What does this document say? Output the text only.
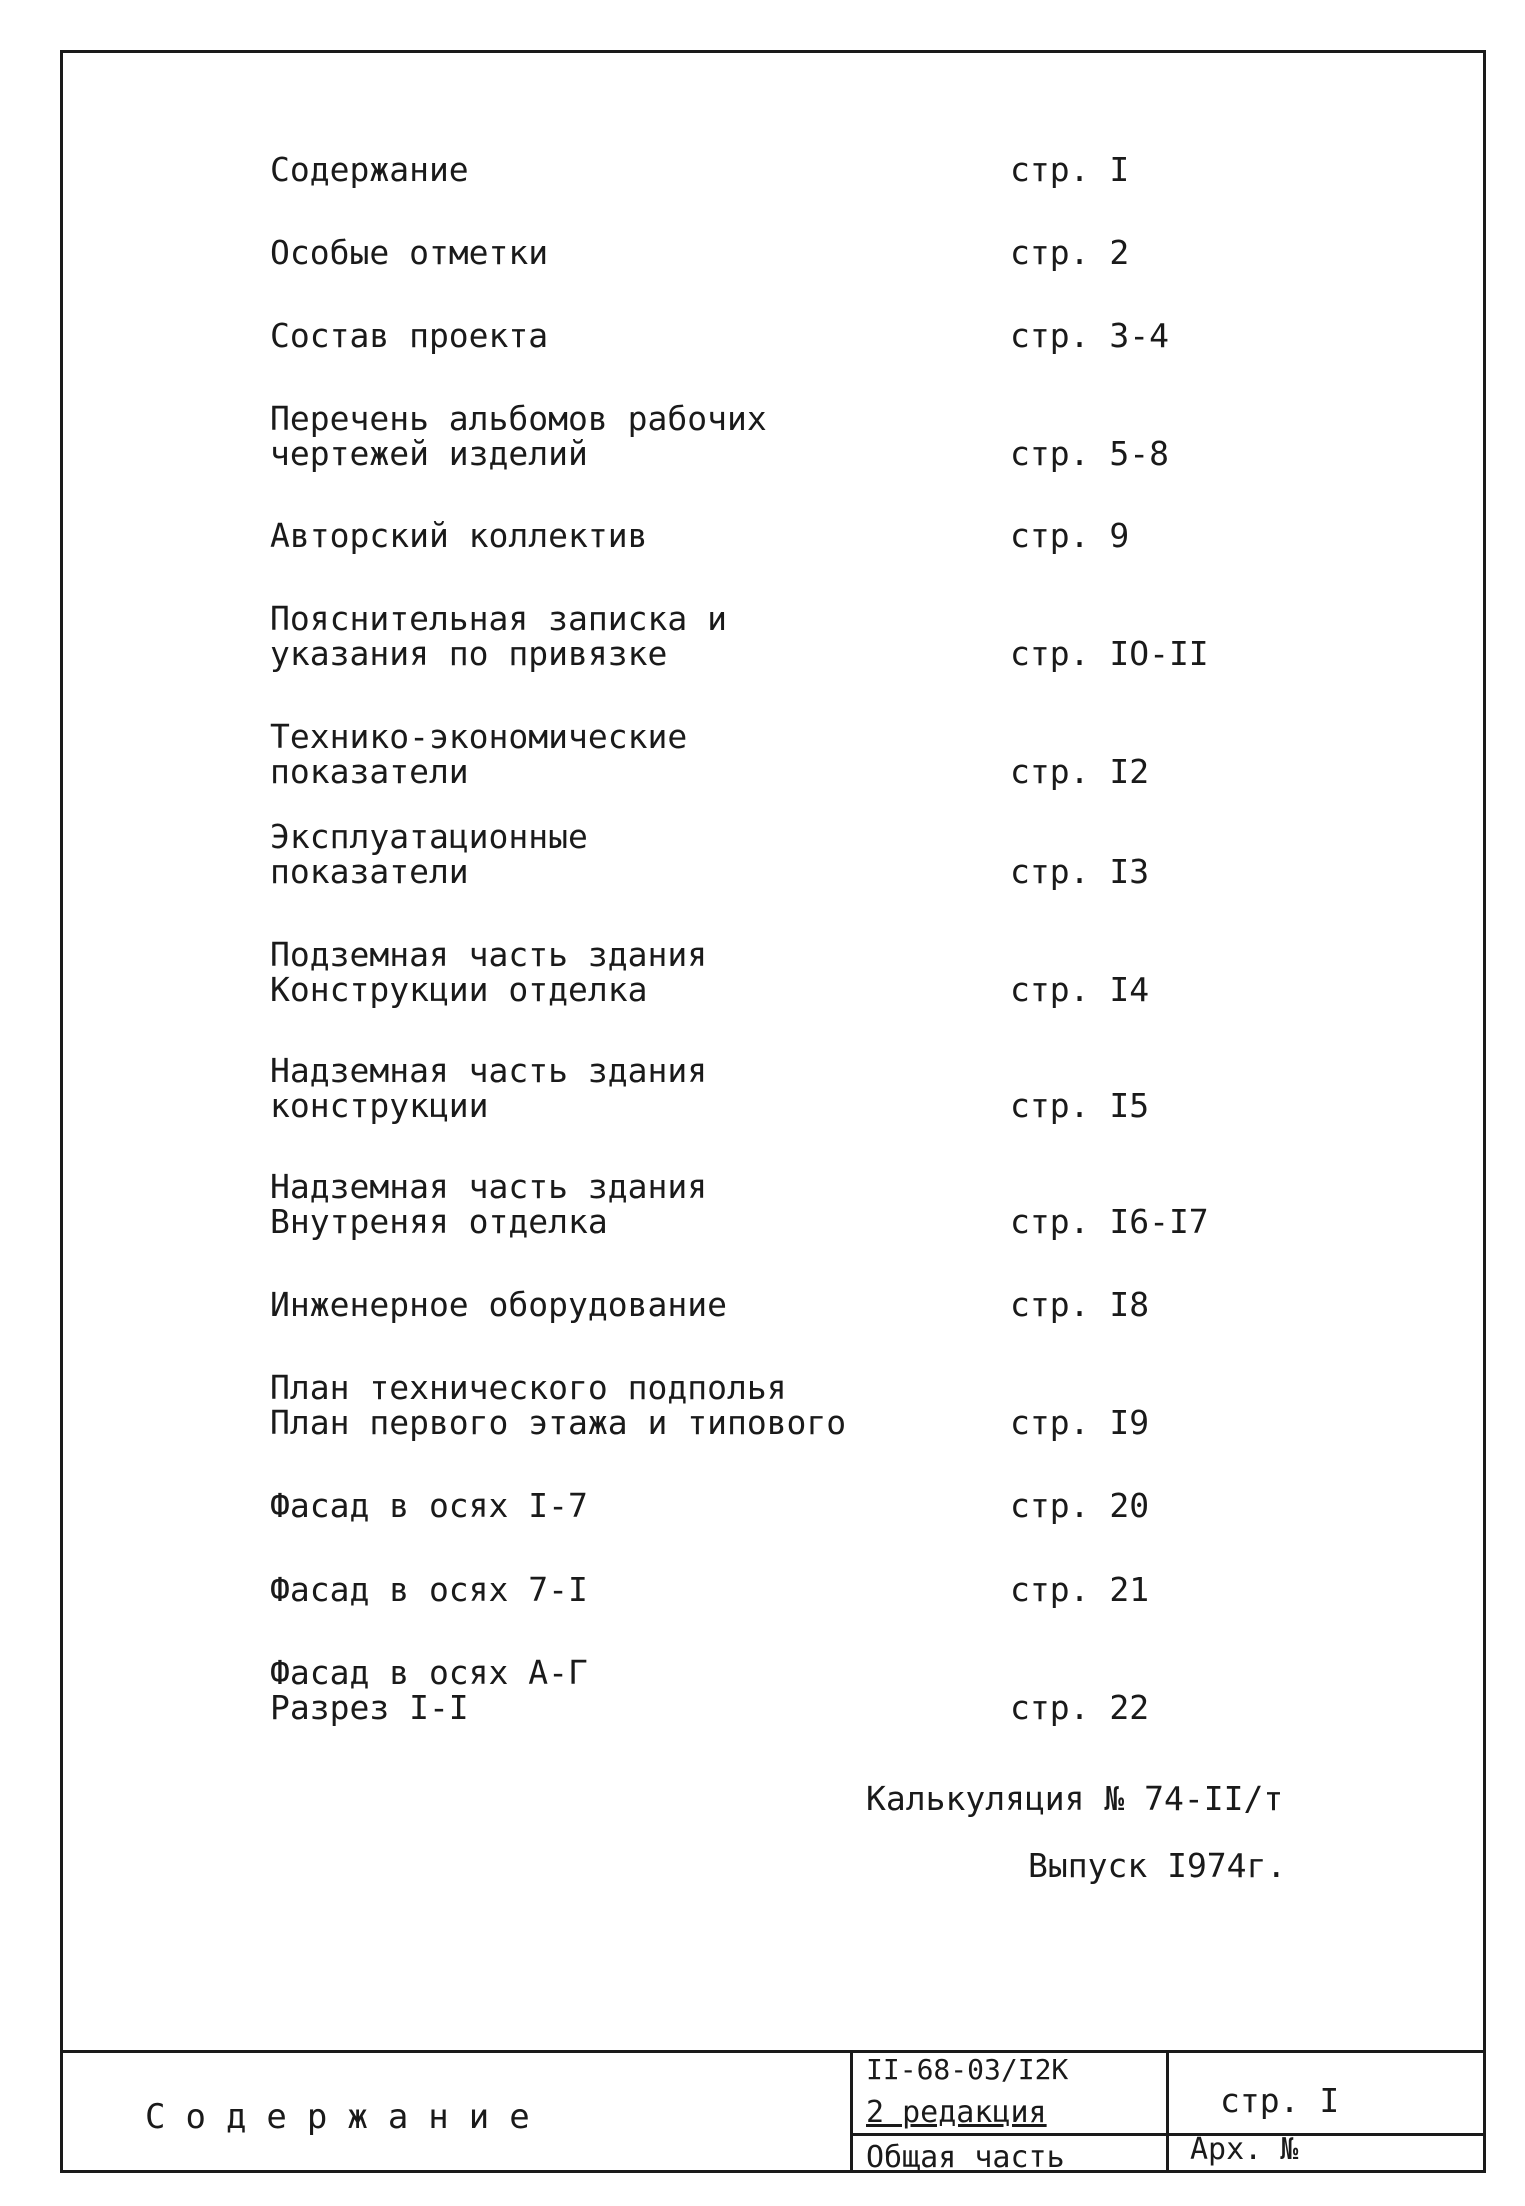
Содержание	стр. I
Особые отметки	стр. 2
Состав проекта	стр. 3-4
Перечень альбомов рабочих
чертежей изделий	стр. 5-8
Авторский коллектив	стр. 9
Пояснительная записка и
указания по привязке	стр. IO-II
Технико-экономические
показатели	стр. I2
Эксплуатационные
показатели	стр. I3
Подземная часть здания
Конструкции отделка	стр. I4
Надземная часть здания
конструкции	стр. I5
Надземная часть здания
Внутреняя отделка	стр. I6-I7
Инженерное оборудование	стр. I8
План технического подполья
План первого этажа и типового	стр. I9
Фасад в осях I-7	стр. 20
Фасад в осях 7-I	стр. 21
Фасад в осях А-Г
Разрез I-I	стр. 22
Калькуляция № 74-II/т
Выпуск I974г.
Содержание
II-68-03/I2К
2 редакция
Общая часть
стр. I
Арх. №
